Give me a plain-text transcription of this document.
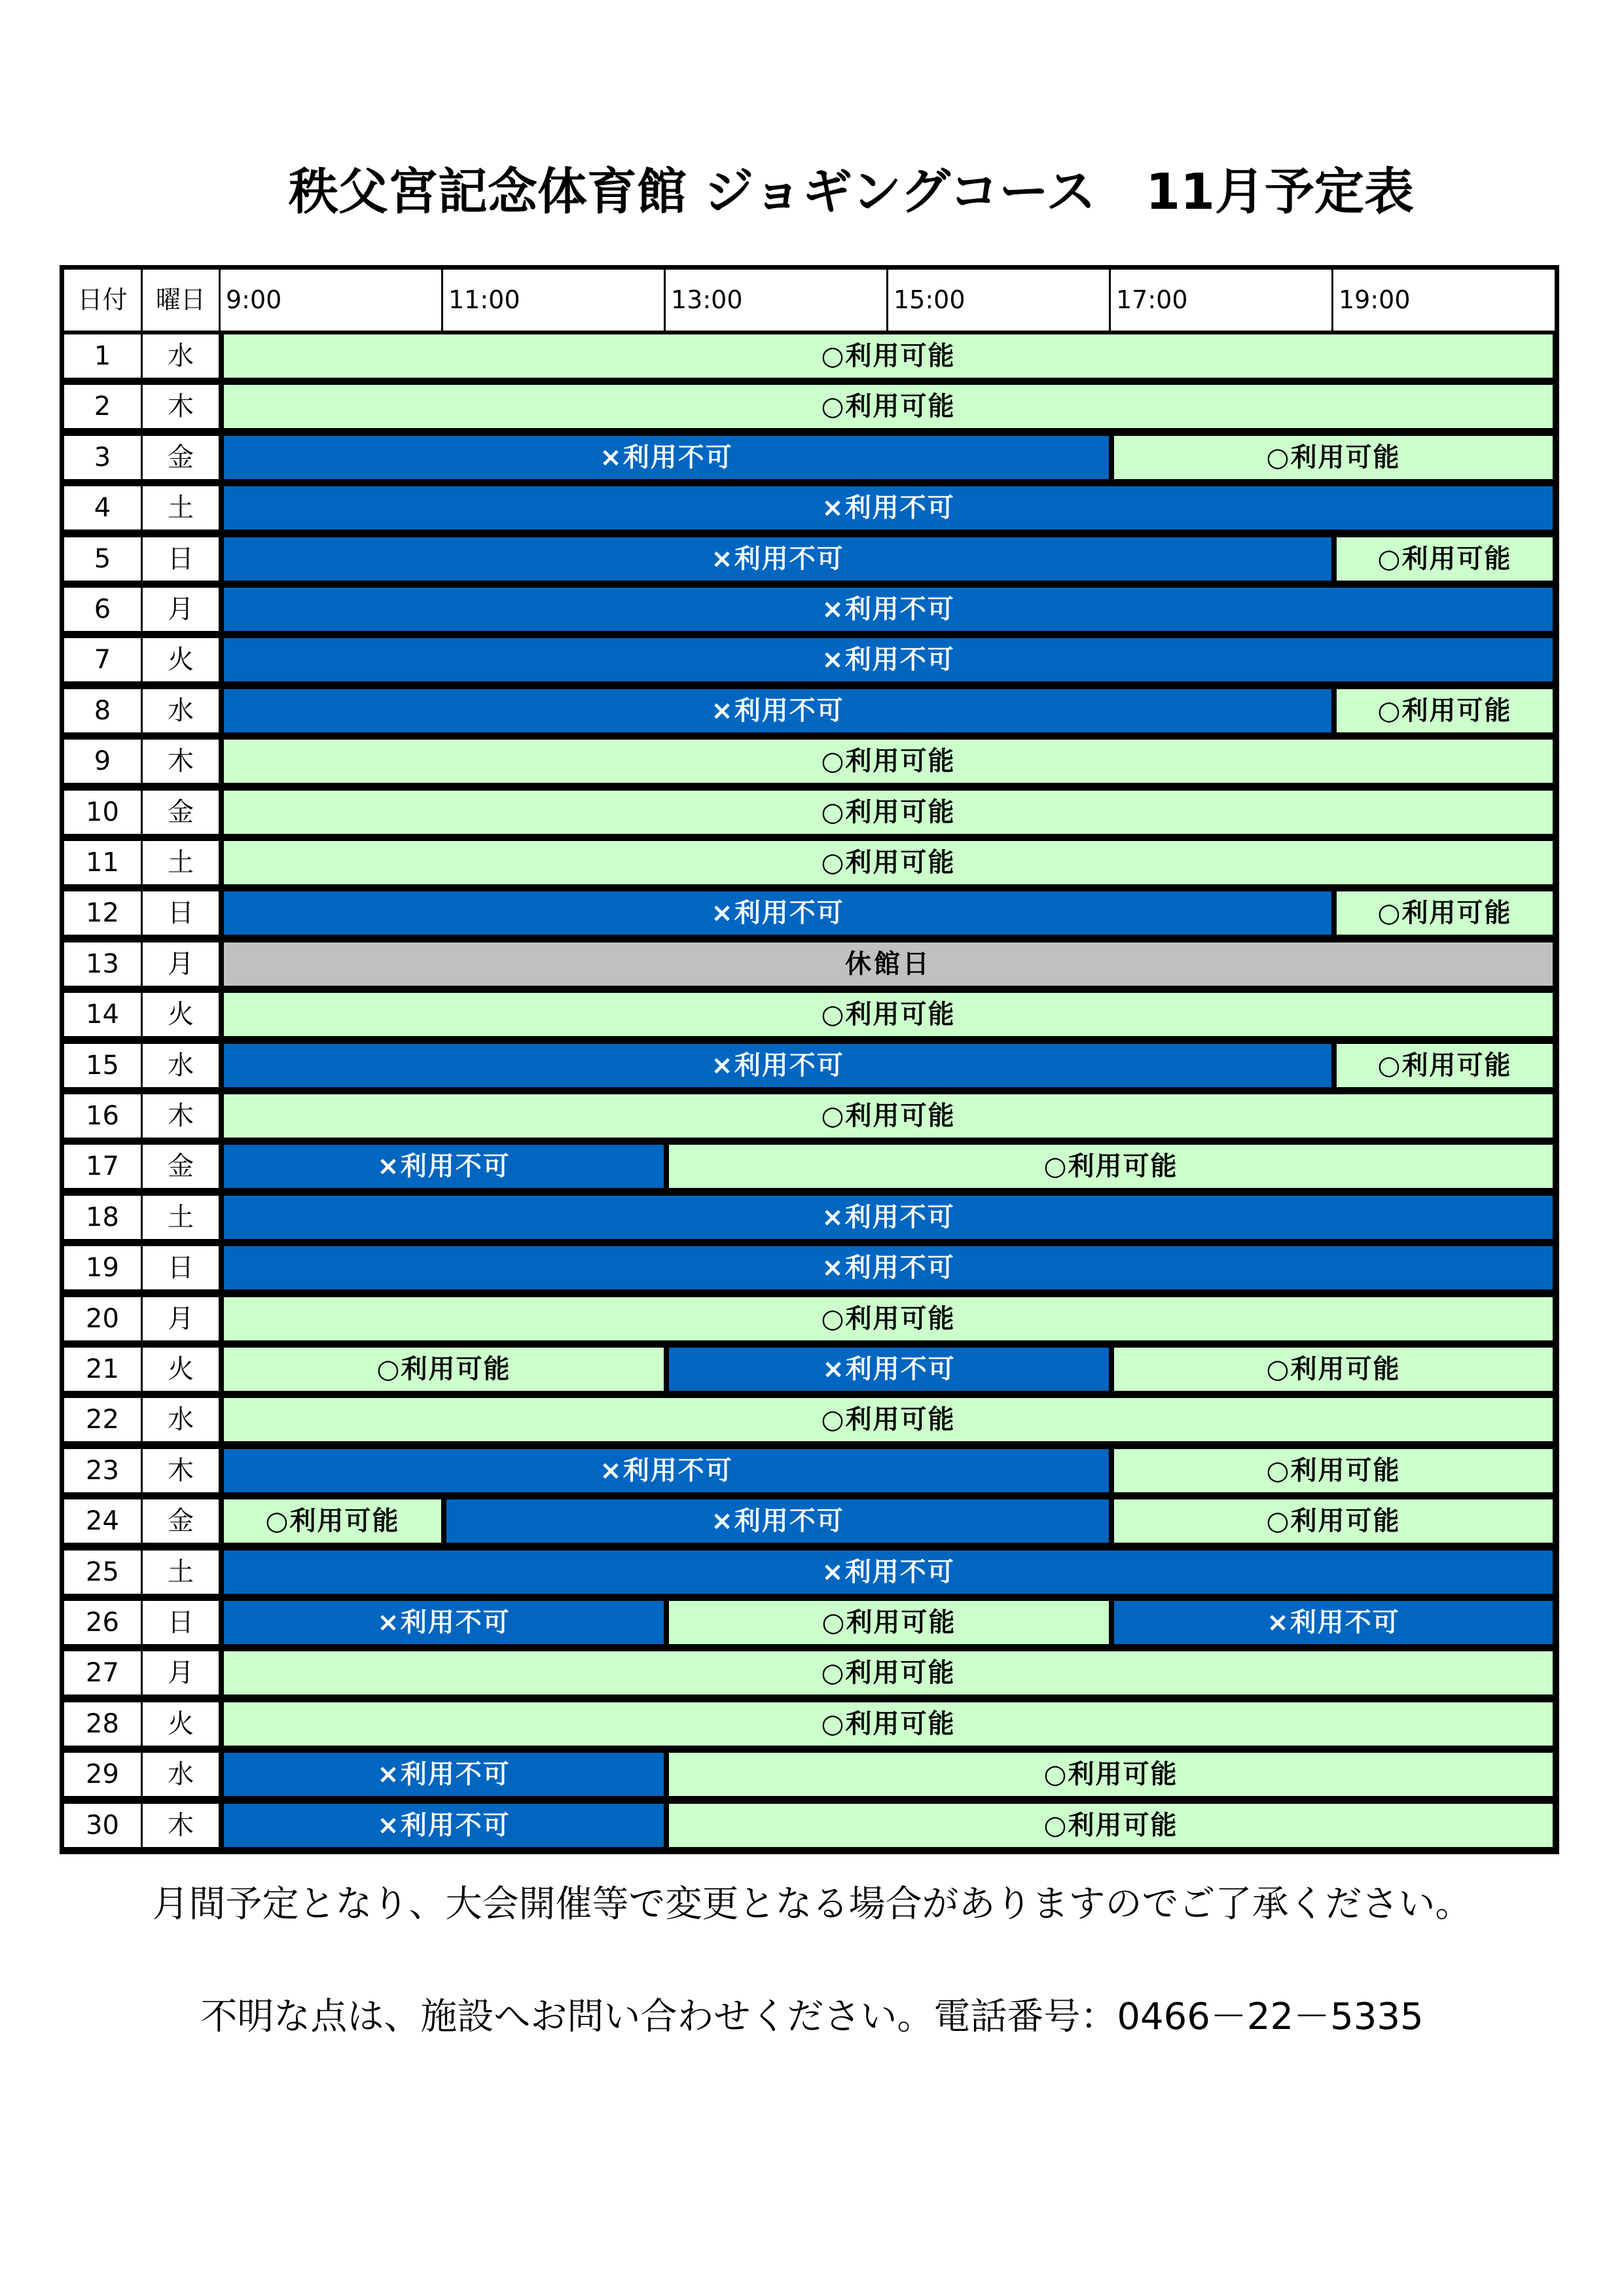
秩父宮記念体育館 ジョギングコース　11月予定表
日付	曜日 9:00	11:00	13:00	15:00	17:00	19:00
1	水	○利用可能
2	木	○利用可能
3	金	×利用不可	○利用可能
4	土	×利用不可
5	日	×利用不可	○利用可能
6	月	×利用不可
7	火	×利用不可
8	水	×利用不可	○利用可能
9	木	○利用可能
10	金	○利用可能
11	土	○利用可能
12	日	×利用不可	○利用可能
13	月	休館日
14	火	○利用可能
15	水	×利用不可	○利用可能
16	木	○利用可能
17	金	×利用不可	○利用可能
18	土	×利用不可
19	日	×利用不可
20	月	○利用可能
21	火	○利用可能	×利用不可	○利用可能
22	水	○利用可能
23	木	×利用不可	○利用可能
24	金	○利用可能	×利用不可	○利用可能
25	土	×利用不可
26	日	×利用不可	○利用可能	×利用不可
27	月	○利用可能
28	火	○利用可能
29	水	×利用不可	○利用可能
30	木	×利用不可	○利用可能
月間予定となり、大会開催等で変更となる場合がありますのでご了承ください。
不明な点は、施設へお問い合わせください。電話番号：0466－22－5335
